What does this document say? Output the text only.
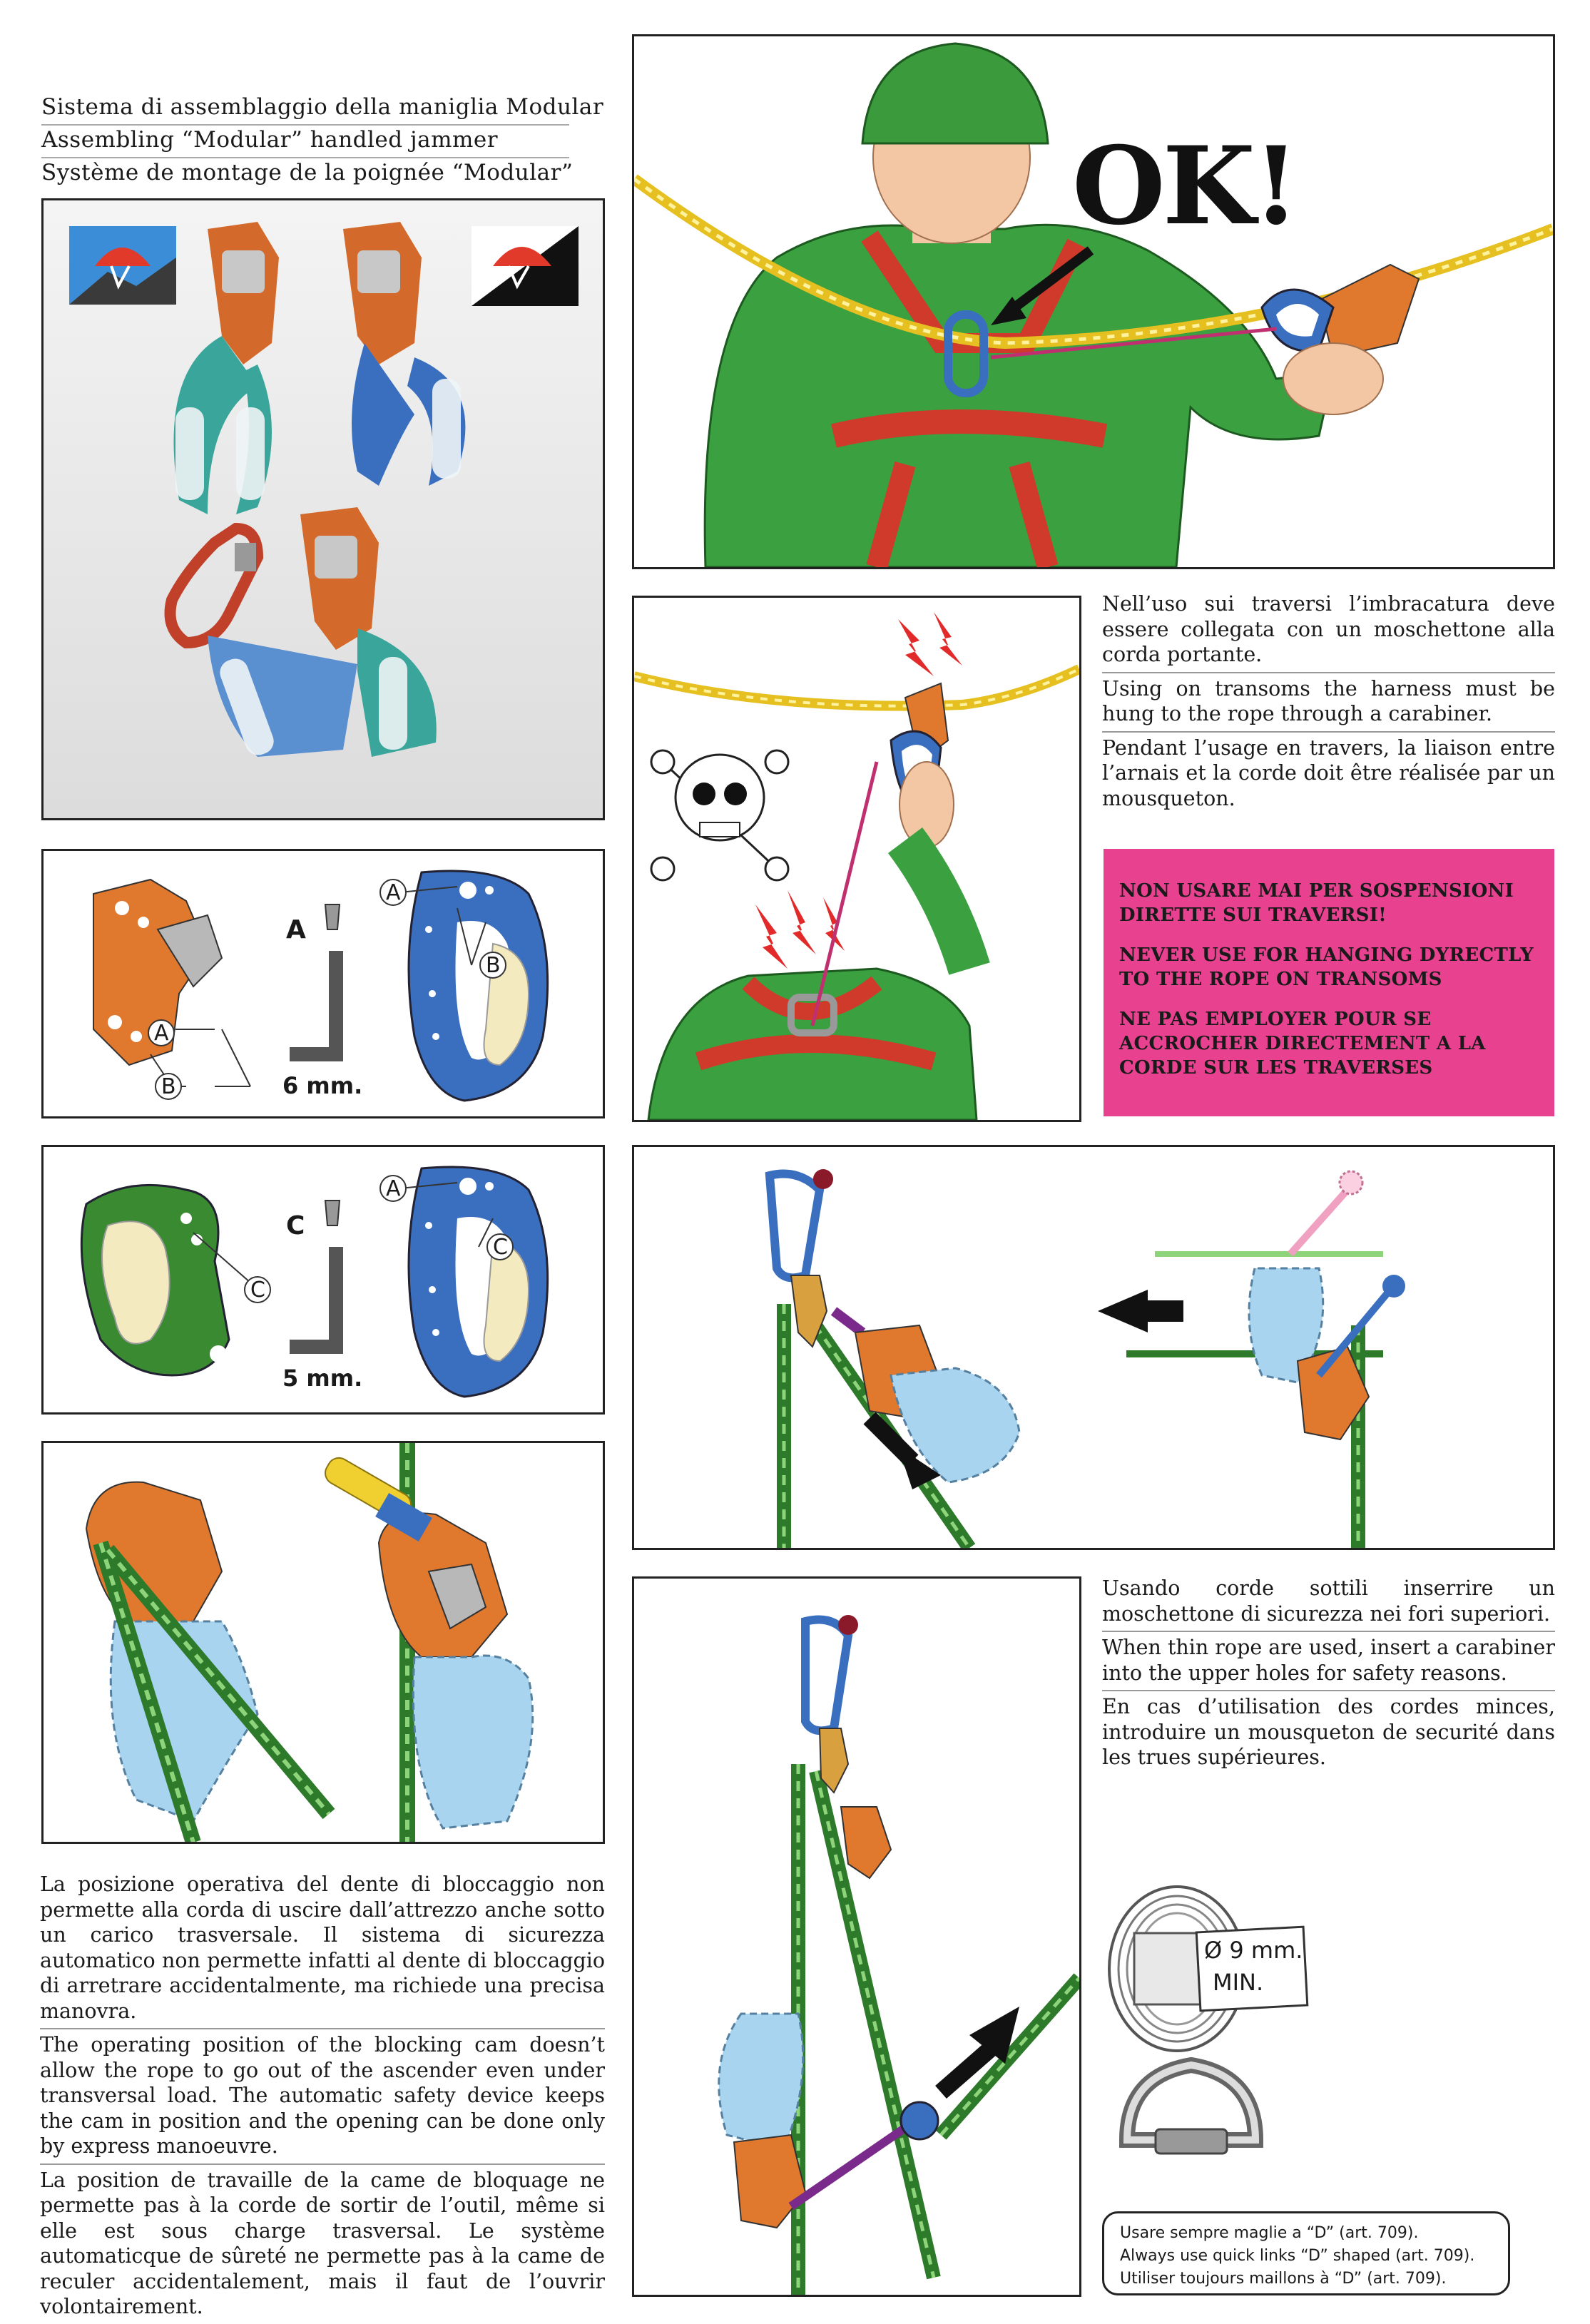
Sistema di assemblaggio della maniglia Modular
Assembling “Modular” handled jammer
Système de montage de la poignée “Modular”
A
6 mm.
A
B
A
B
C
5 mm.
A
C
C

La posizione operativa del dente di bloccaggio non permette alla corda di uscire dall’attrezzo anche sotto un carico trasversale. Il sistema di sicurezza automatico non permette infatti al dente di bloccaggio di arretrare accidentalmente, ma richiede una precisa manovra.

The operating position of the blocking cam doesn’t allow the rope to go out of the ascender even under transversal load. The automatic safety device keeps the cam in position and the opening can be done only by express manoeuvre.

La position de travaille de la came de bloquage ne permette pas à la corde de sortir de l’outil, même si elle est sous charge trasversal. Le système automaticque de sûreté ne permette pas à la came de reculer accidentalement, mais il faut de l’ouvrir volontairement.

OK!

Nell’uso sui traversi l’imbracatura deve essere collegata con un moschettone alla corda portante.

Using on transoms the harness must be hung to the rope through a carabiner.

Pendant l’usage en travers, la liaison entre l’arnais et la corde doit être réalisée par un mousqueton.

NON USARE MAI PER SOSPENSIONI DIRETTE SUI TRAVERSI!

NEVER USE FOR HANGING DYRECTLY TO THE ROPE ON TRANSOMS

NE PAS EMPLOYER POUR SE ACCROCHER DIRECTEMENT A LA CORDE SUR LES TRAVERSES

Usando corde sottili inserrire un moschettone di sicurezza nei fori superiori.

When thin rope are used, insert a carabiner into the upper holes for safety reasons.

En cas d’utilisation des cordes minces, introduire un mousqueton de securité dans les trues supérieures.

Ø 9 mm.
MIN.
Usare sempre maglie a “D” (art. 709).
Always use quick links “D” shaped (art. 709).
Utiliser toujours maillons à “D” (art. 709).
